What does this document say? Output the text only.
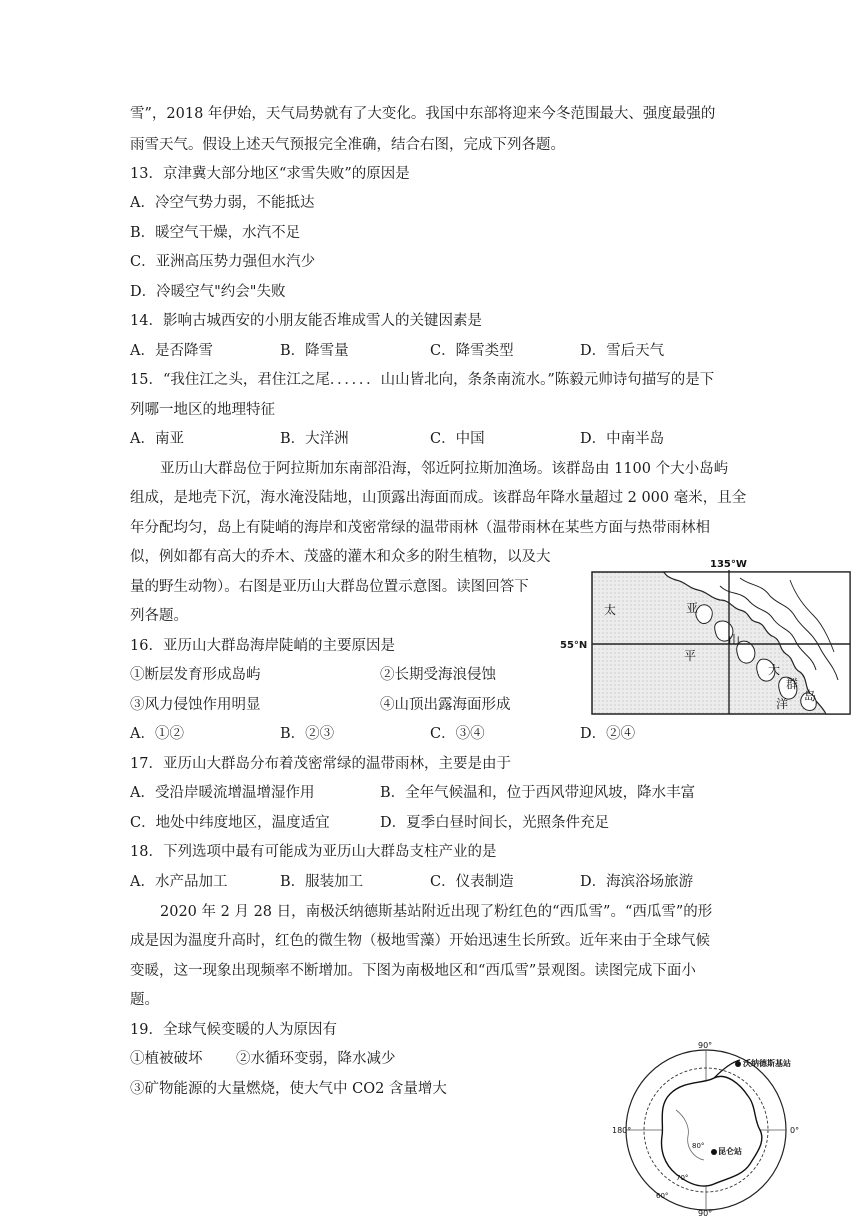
雪”，2018 年伊始，天气局势就有了大变化。我国中东部将迎来今冬范围最大、强度最强的
雨雪天气。假设上述天气预报完全准确，结合右图，完成下列各题。
13．京津冀大部分地区“求雪失败”的原因是
A．冷空气势力弱，不能抵达
B．暖空气干燥，水汽不足
C．亚洲高压势力强但水汽少
D．冷暖空气"约会"失败
14．影响古城西安的小朋友能否堆成雪人的关键因素是
A．是否降雪	B．降雪量	C．降雪类型	D．雪后天气
15．“我住江之头，君住江之尾．．．．．．山山皆北向，条条南流水。”陈毅元帅诗句描写的是下
列哪一地区的地理特征
A．南亚	B．大洋洲	C．中国	D．中南半岛
亚历山大群岛位于阿拉斯加东南部沿海，邻近阿拉斯加渔场。该群岛由 1100 个大小岛屿
组成，是地壳下沉，海水淹没陆地，山顶露出海面而成。该群岛年降水量超过 2 000 毫米，且全
年分配均匀，岛上有陡峭的海岸和茂密常绿的温带雨林（温带雨林在某些方面与热带雨林相
似，例如都有高大的乔木、茂盛的灌木和众多的附生植物，以及大
量的野生动物）。右图是亚历山大群岛位置示意图。读图回答下
列各题。
16．亚历山大群岛海岸陡峭的主要原因是
①断层发育形成岛屿	②长期受海浪侵蚀
③风力侵蚀作用明显	④山顶出露海面形成
A．①②	B．②③	C．③④	D．②④
17．亚历山大群岛分布着茂密常绿的温带雨林，主要是由于
A．受沿岸暖流增温增湿作用	B．全年气候温和，位于西风带迎风坡，降水丰富
C．地处中纬度地区，温度适宜	D．夏季白昼时间长，光照条件充足
18．下列选项中最有可能成为亚历山大群岛支柱产业的是
A．水产品加工	B．服装加工	C．仪表制造	D．海滨浴场旅游
2020 年 2 月 28 日，南极沃纳德斯基站附近出现了粉红色的“西瓜雪”。“西瓜雪”的形
成是因为温度升高时，红色的微生物（极地雪藻）开始迅速生长所致。近年来由于全球气候
变暖，这一现象出现频率不断增加。下图为南极地区和“西瓜雪”景观图。读图完成下面小
题。
19．全球气候变暖的人为原因有
①植被破坏 ②水循环变弱，降水减少
③矿物能源的大量燃烧，使大气中 CO2 含量增大
135°W
太
平
洋
亚
山
大
群
岛
55°N
90°
90°
180°	0°
沃纳德斯基站
昆仑站
70°
60°
80°
